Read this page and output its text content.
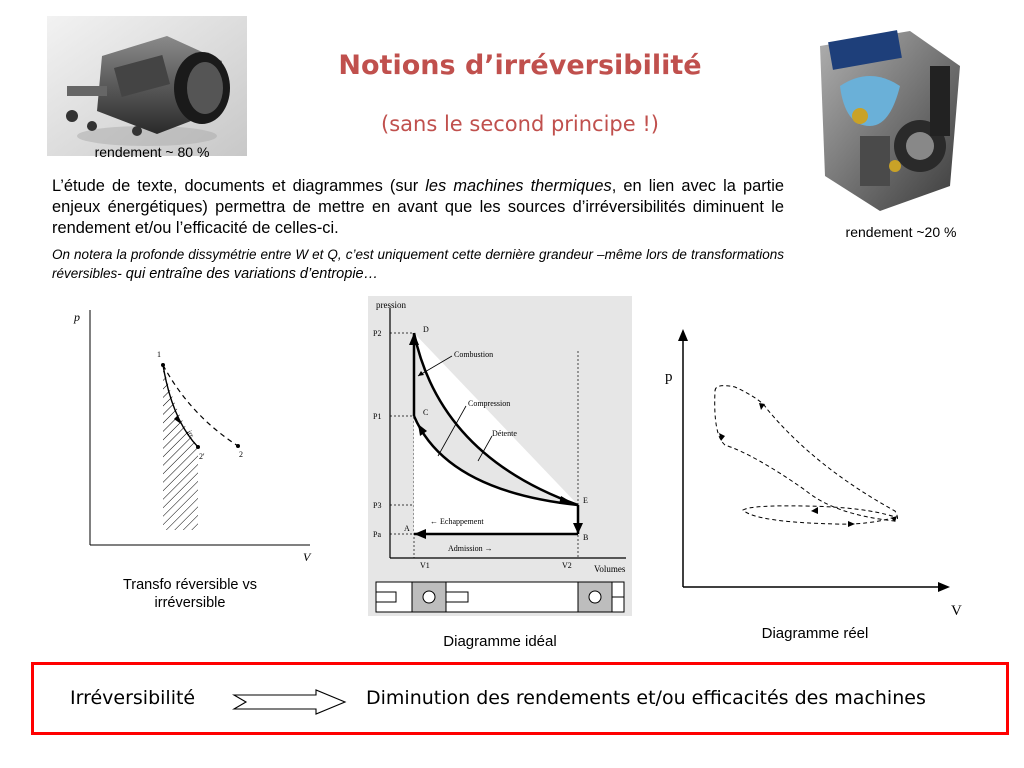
Notions d’irréversibilité
(sans le second principe !)
rendement ~ 80 %
rendement ~20 %
L’étude de texte, documents et diagrammes (sur les machines thermiques, en lien avec la partie enjeux énergétiques) permettra de mettre en avant que les sources d’irréversibilités diminuent le rendement et/ou l’efficacité de celles-ci.
On notera la profonde dissymétrie entre W et Q, c’est uniquement cette dernière grandeur –même lors de transformations réversibles- qui entraîne des variations d’entropie…
p
V
1
2'	2
irr
Transfo réversible vs
irréversible
pression
Volumes
P2
P1
P3
Pa
V1	V2
D
C
E
A
B
Combustion
Compression
Détente
← Echappement
Admission →
Diagramme idéal
p
V
Diagramme réel
Irréversibilité	Diminution des rendements et/ou efficacités des machines
